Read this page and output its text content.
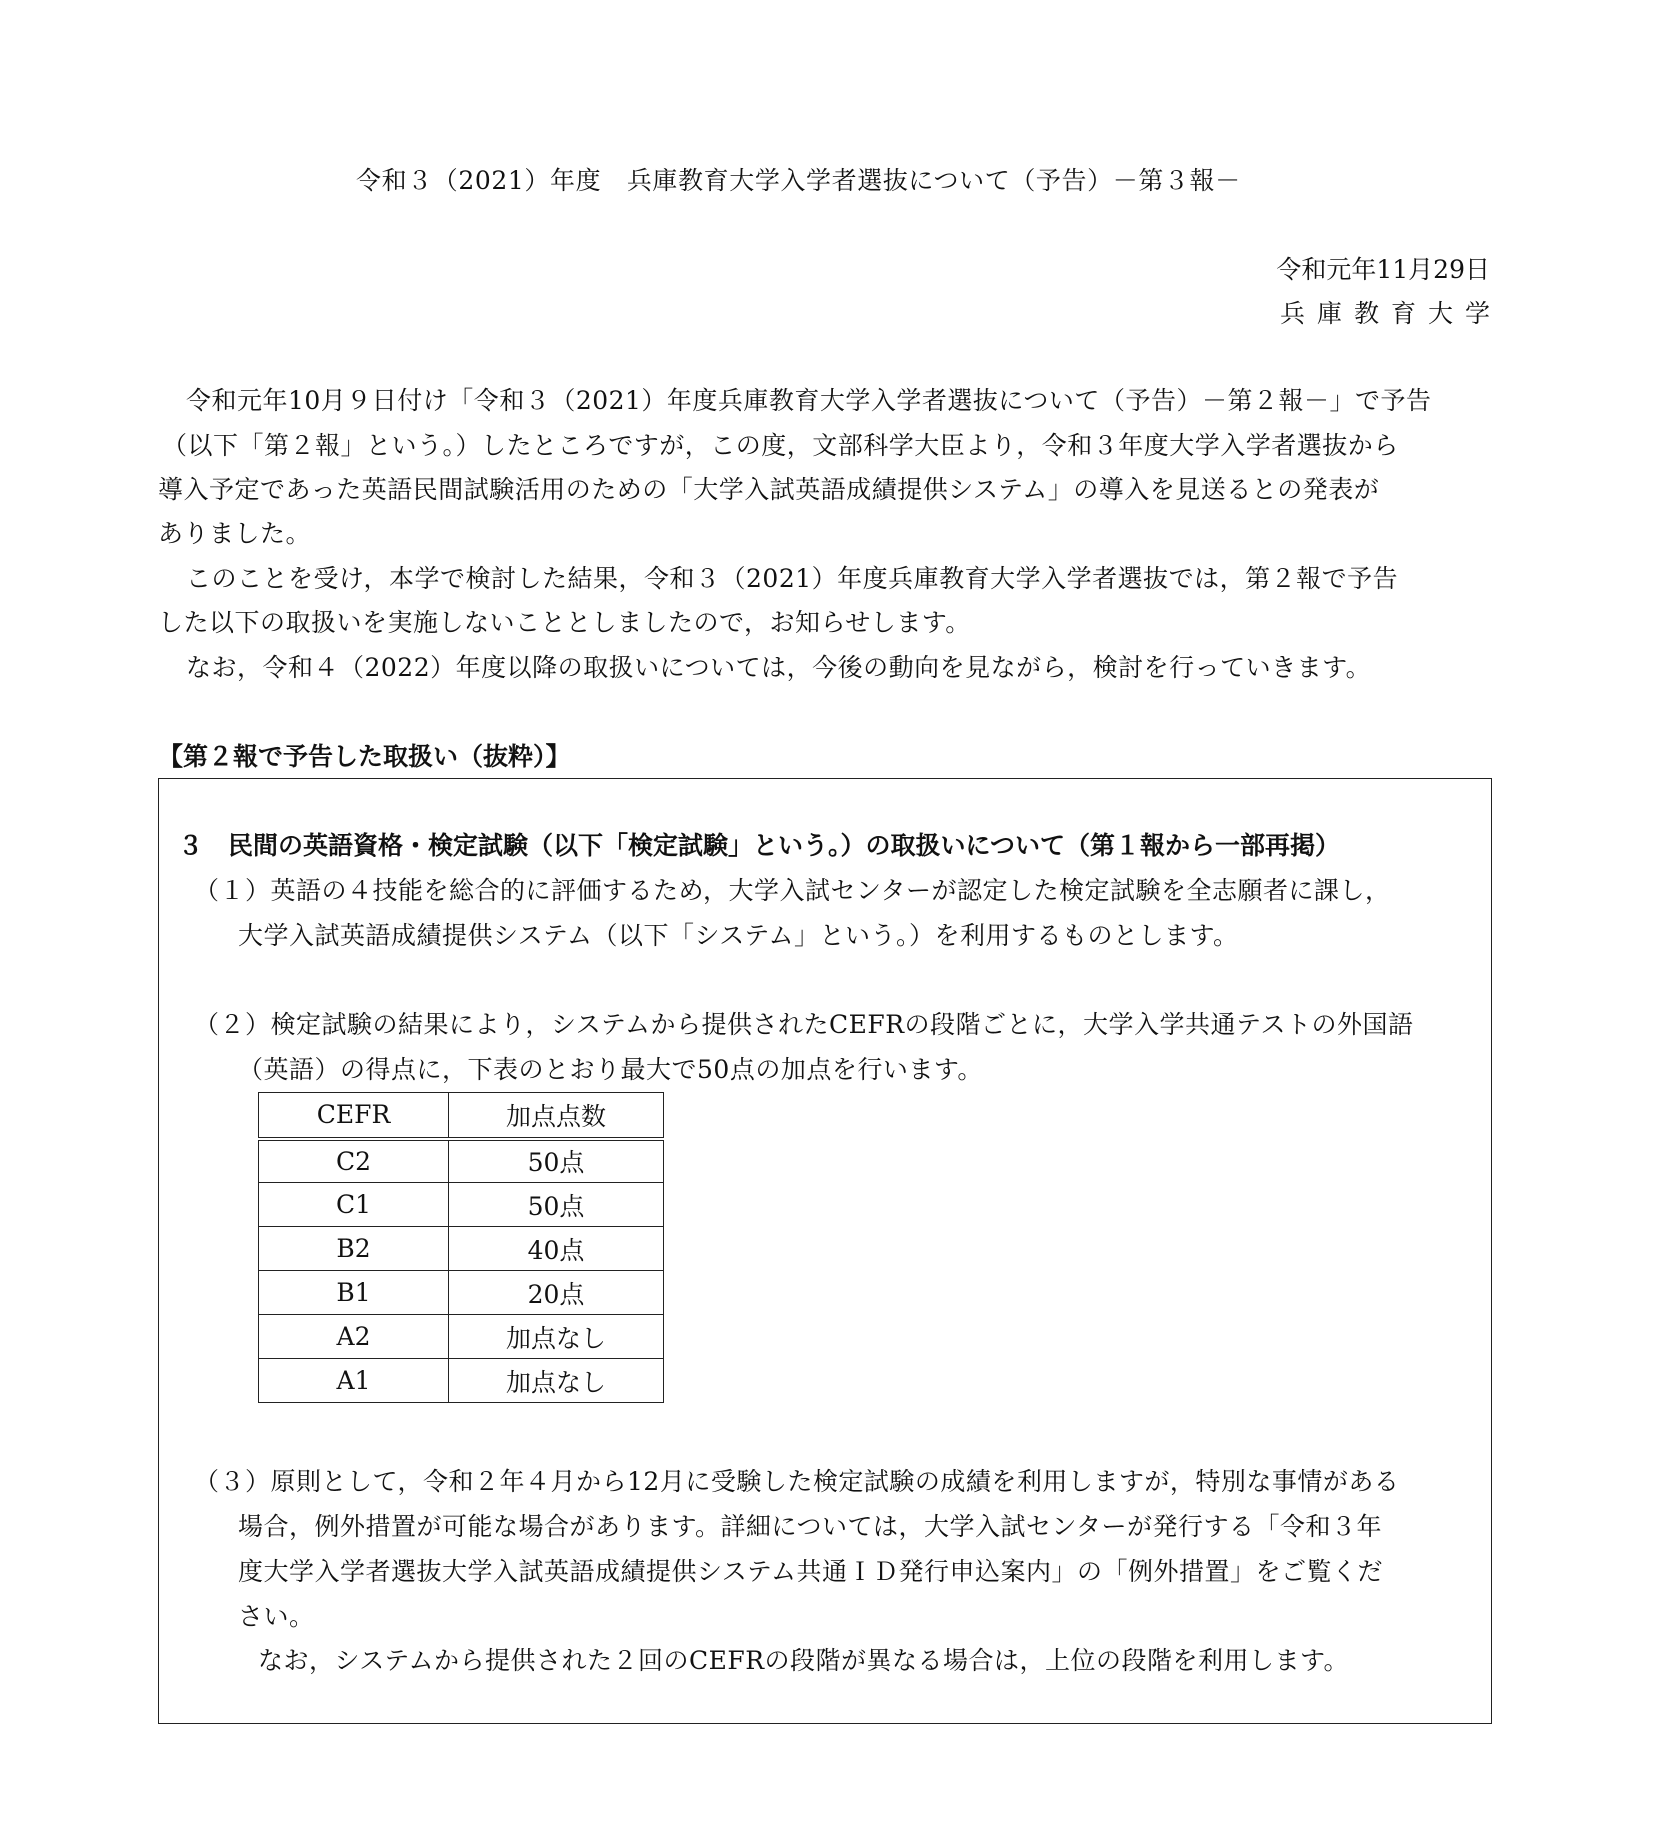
令和３（2021）年度　兵庫教育大学入学者選抜について（予告）－第３報－
令和元年11月29日
兵庫教育大学
令和元年10月９日付け「令和３（2021）年度兵庫教育大学入学者選抜について（予告）－第２報－」で予告
（以下「第２報」という。）したところですが，この度，文部科学大臣より，令和３年度大学入学者選抜から
導入予定であった英語民間試験活用のための「大学入試英語成績提供システム」の導入を見送るとの発表が
ありました。
このことを受け，本学で検討した結果，令和３（2021）年度兵庫教育大学入学者選抜では，第２報で予告
した以下の取扱いを実施しないこととしましたので，お知らせします。
なお，令和４（2022）年度以降の取扱いについては，今後の動向を見ながら，検討を行っていきます。
【第２報で予告した取扱い（抜粋）】
３　民間の英語資格・検定試験（以下「検定試験」という。）の取扱いについて（第１報から一部再掲）
（１）英語の４技能を総合的に評価するため，大学入試センターが認定した検定試験を全志願者に課し，
大学入試英語成績提供システム（以下「システム」という。）を利用するものとします。
（２）検定試験の結果により，システムから提供されたCEFRの段階ごとに，大学入学共通テストの外国語
（英語）の得点に，下表のとおり最大で50点の加点を行います。
CEFR	加点点数
C2	50点
C1	50点
B2	40点
B1	20点
A2	加点なし
A1	加点なし
（３）原則として，令和２年４月から12月に受験した検定試験の成績を利用しますが，特別な事情がある
場合，例外措置が可能な場合があります。詳細については，大学入試センターが発行する「令和３年
度大学入学者選抜大学入試英語成績提供システム共通ＩＤ発行申込案内」の「例外措置」をご覧くだ
さい。
なお，システムから提供された２回のCEFRの段階が異なる場合は，上位の段階を利用します。
